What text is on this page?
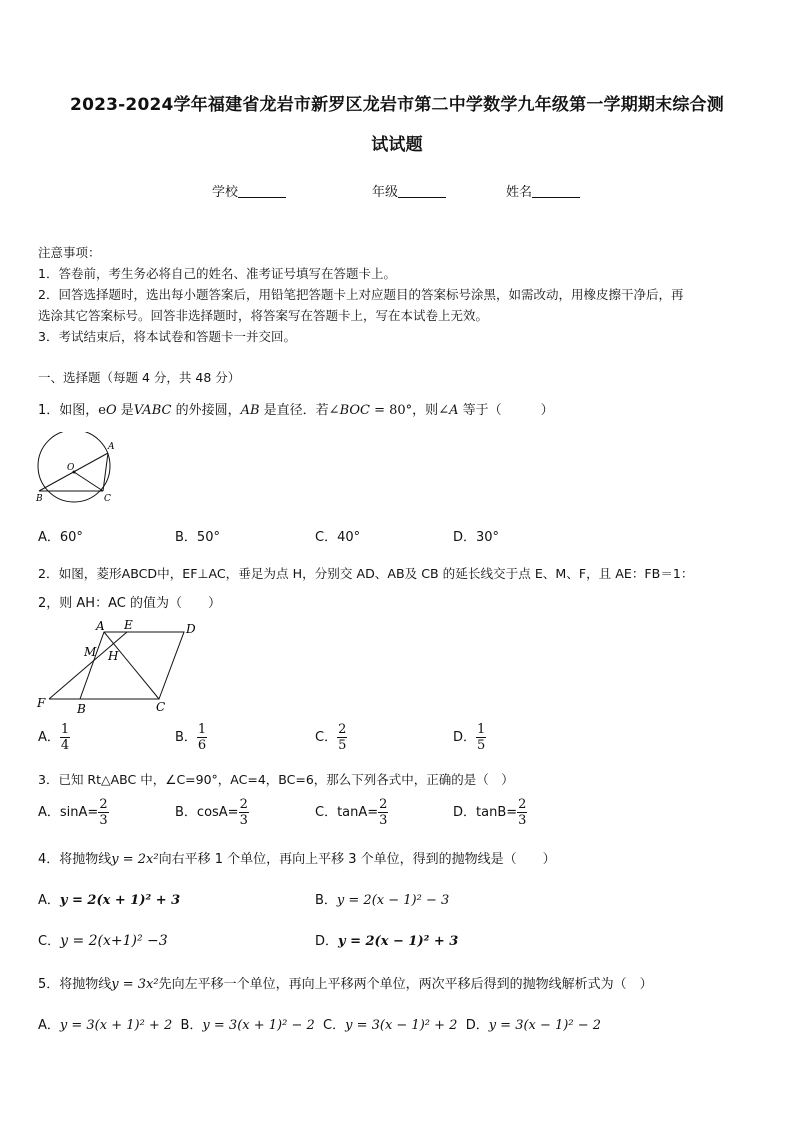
2023-2024学年福建省龙岩市新罗区龙岩市第二中学数学九年级第一学期期末综合测
试试题
学校	年级	姓名
注意事项：
1．答卷前，考生务必将自己的姓名、准考证号填写在答题卡上。
2．回答选择题时，选出每小题答案后，用铅笔把答题卡上对应题目的答案标号涂黑，如需改动，用橡皮擦干净后，再
选涂其它答案标号。回答非选择题时，将答案写在答题卡上，写在本试卷上无效。
3．考试结束后，将本试卷和答题卡一并交回。
一、选择题（每题 4 分，共 48 分）
1．如图，eO 是VABC 的外接圆，AB 是直径．若∠BOC = 80°，则∠A 等于（　　　）
A
O
B	C
A．60°	B．50°	C．40°	D．30°
2．如图，菱形ABCD中，EF⊥AC，垂足为点 H，分别交 AD、AB及 CB 的延长线交于点 E、M、F，且 AE：FB＝1：
2，则 AH：AC 的值为（　　）
A E	D
M H
F	B	C
A． $\frac{1}{4}$	B． $\frac{1}{6}$	C． $\frac{2}{5}$	D． $\frac{1}{5}$
3．已知 Rt△ABC 中，∠C=90°，AC=4，BC=6，那么下列各式中，正确的是（　）
A．$\sin A= \frac{2}{3}$	B．$\cos A= \frac{2}{3}$	C．$\tan A= \frac{2}{3}$	D．$\tan B= \frac{2}{3}$
4．将抛物线y = 2x²向右平移 1 个单位，再向上平移 3 个单位，得到的抛物线是（　　）
A．y = 2(x + 1)² + 3	B．y = 2(x − 1)² − 3
C．y = 2(x+1)² −3	D．y = 2(x − 1)² + 3
5．将抛物线y = 3x²先向左平移一个单位，再向上平移两个单位，两次平移后得到的抛物线解析式为（　）
A．y = 3(x + 1)² + 2 B．y = 3(x + 1)² − 2 C．y = 3(x − 1)² + 2 D．y = 3(x − 1)² − 2
